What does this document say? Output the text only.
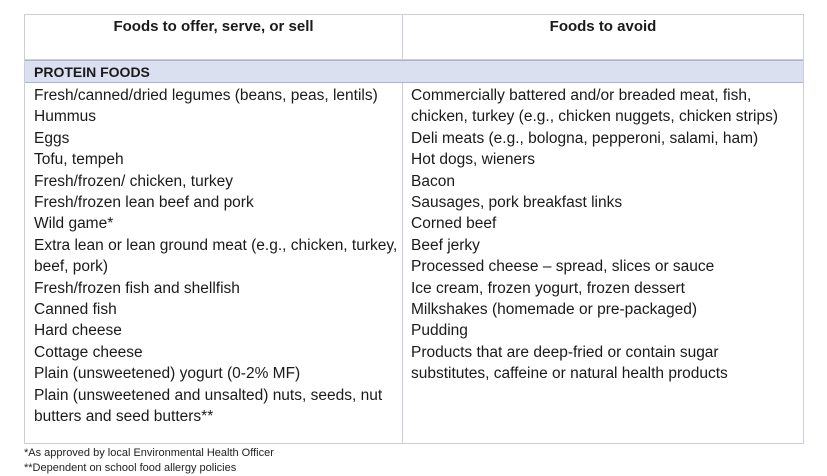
Foods to offer, serve, or sell	Foods to avoid
PROTEIN FOODS
Fresh/canned/dried legumes (beans, peas, lentils)
Hummus
Eggs
Tofu, tempeh
Fresh/frozen/ chicken, turkey
Fresh/frozen lean beef and pork
Wild game*
Extra lean or lean ground meat (e.g., chicken, turkey, beef, pork)
Fresh/frozen fish and shellfish
Canned fish
Hard cheese
Cottage cheese
Plain (unsweetened) yogurt (0-2% MF)
Plain (unsweetened and unsalted) nuts, seeds, nut butters and seed butters**
Commercially battered and/or breaded meat, fish, chicken, turkey (e.g., chicken nuggets, chicken strips)
Deli meats (e.g., bologna, pepperoni, salami, ham)
Hot dogs, wieners
Bacon
Sausages, pork breakfast links
Corned beef
Beef jerky
Processed cheese – spread, slices or sauce
Ice cream, frozen yogurt, frozen dessert
Milkshakes (homemade or pre-packaged)
Pudding
Products that are deep-fried or contain sugar substitutes, caffeine or natural health products
*As approved by local Environmental Health Officer
**Dependent on school food allergy policies
